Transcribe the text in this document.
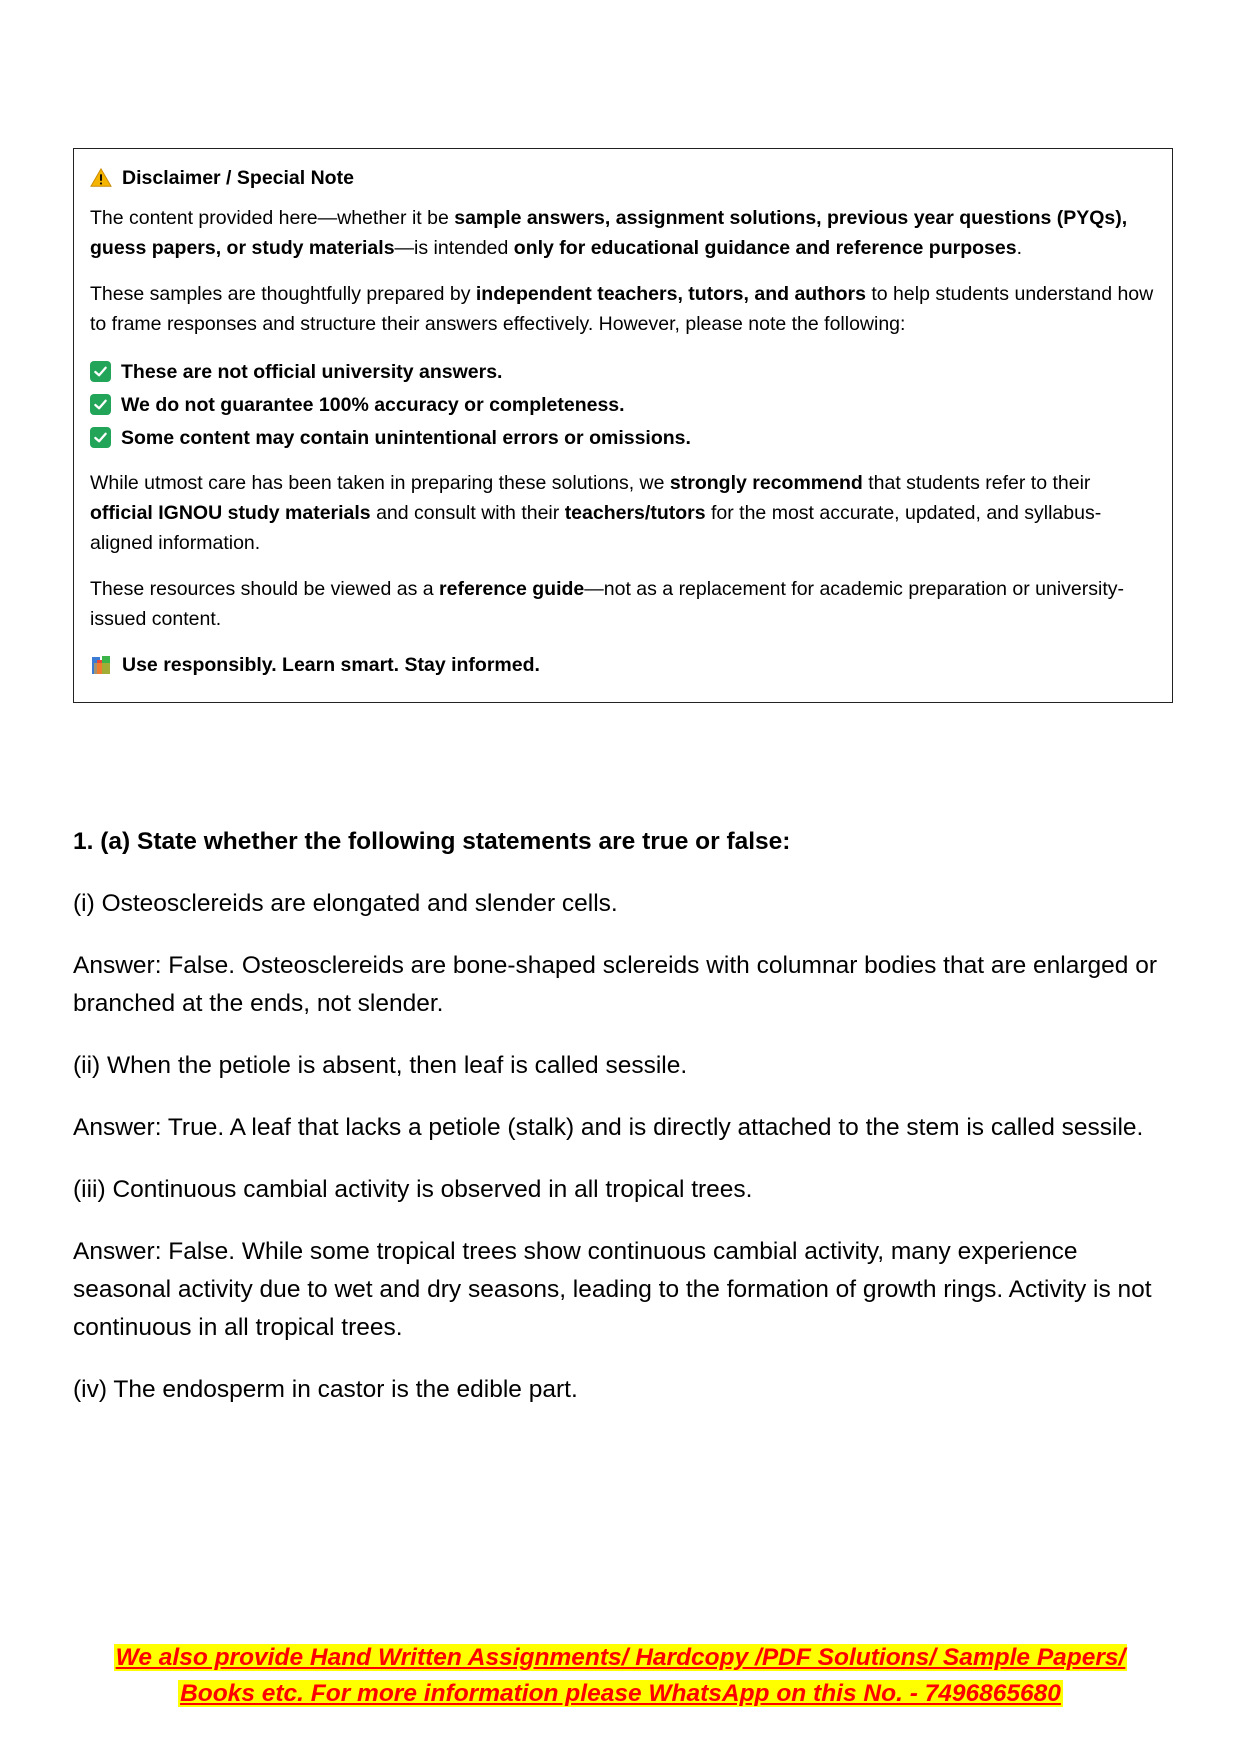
Disclaimer / Special Note

The content provided here—whether it be sample answers, assignment solutions, previous year questions (PYQs), guess papers, or study materials—is intended only for educational guidance and reference purposes.

These samples are thoughtfully prepared by independent teachers, tutors, and authors to help students understand how to frame responses and structure their answers effectively. However, please note the following:

These are not official university answers.
We do not guarantee 100% accuracy or completeness.
Some content may contain unintentional errors or omissions.

While utmost care has been taken in preparing these solutions, we strongly recommend that students refer to their official IGNOU study materials and consult with their teachers/tutors for the most accurate, updated, and syllabus-aligned information.

These resources should be viewed as a reference guide—not as a replacement for academic preparation or university-issued content.

Use responsibly. Learn smart. Stay informed.

1. (a) State whether the following statements are true or false:

(i) Osteosclereids are elongated and slender cells.

Answer: False. Osteosclereids are bone-shaped sclereids with columnar bodies that are enlarged or branched at the ends, not slender.

(ii) When the petiole is absent, then leaf is called sessile.

Answer: True. A leaf that lacks a petiole (stalk) and is directly attached to the stem is called sessile.

(iii) Continuous cambial activity is observed in all tropical trees.

Answer: False. While some tropical trees show continuous cambial activity, many experience seasonal activity due to wet and dry seasons, leading to the formation of growth rings. Activity is not continuous in all tropical trees.

(iv) The endosperm in castor is the edible part.

We also provide Hand Written Assignments/ Hardcopy /PDF Solutions/ Sample Papers/
Books etc. For more information please WhatsApp on this No. - 7496865680
